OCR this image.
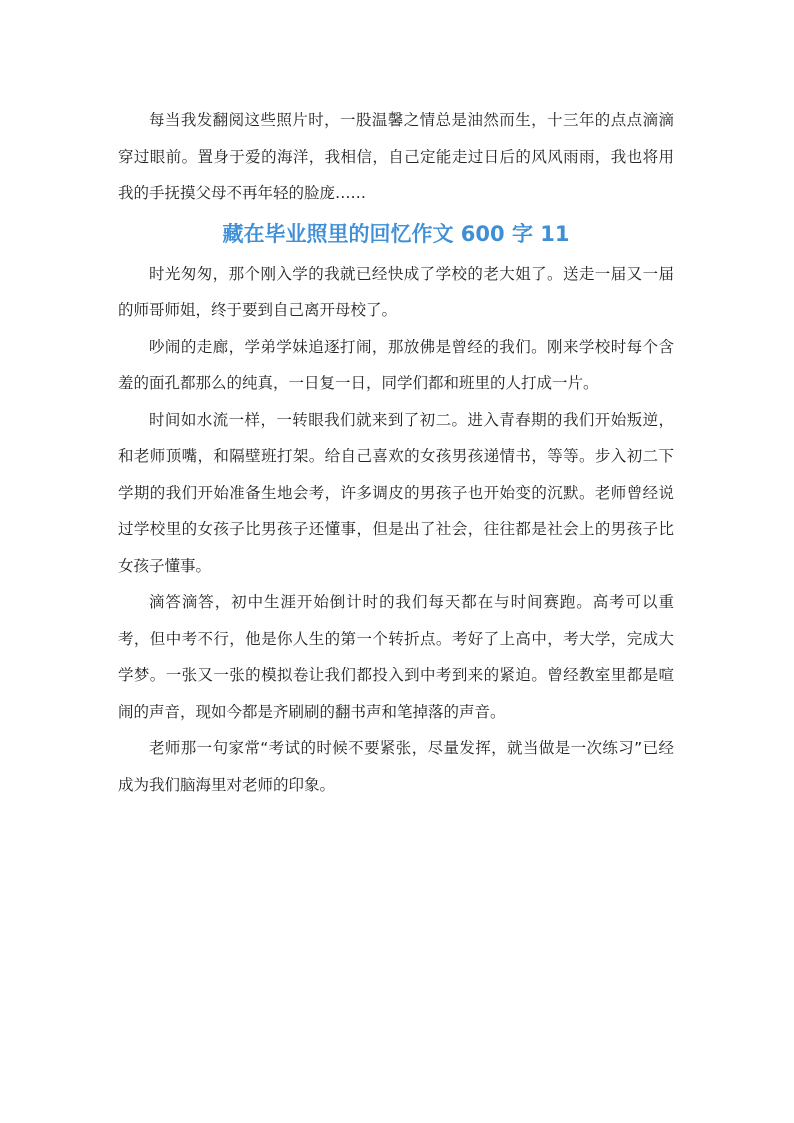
每当我发翻阅这些照片时，一股温馨之情总是油然而生，十三年的点点滴滴穿过眼前。置身于爱的海洋，我相信，自己定能走过日后的风风雨雨，我也将用我的手抚摸父母不再年轻的脸庞……

藏在毕业照里的回忆作文 600 字 11

时光匆匆，那个刚入学的我就已经快成了学校的老大姐了。送走一届又一届的师哥师姐，终于要到自己离开母校了。

吵闹的走廊，学弟学妹追逐打闹，那放佛是曾经的我们。刚来学校时每个含羞的面孔都那么的纯真，一日复一日，同学们都和班里的人打成一片。

时间如水流一样，一转眼我们就来到了初二。进入青春期的我们开始叛逆，和老师顶嘴，和隔壁班打架。给自己喜欢的女孩男孩递情书，等等。步入初二下学期的我们开始准备生地会考，许多调皮的男孩子也开始变的沉默。老师曾经说过学校里的女孩子比男孩子还懂事，但是出了社会，往往都是社会上的男孩子比女孩子懂事。

滴答滴答，初中生涯开始倒计时的我们每天都在与时间赛跑。高考可以重考，但中考不行，他是你人生的第一个转折点。考好了上高中，考大学，完成大学梦。一张又一张的模拟卷让我们都投入到中考到来的紧迫。曾经教室里都是喧闹的声音，现如今都是齐刷刷的翻书声和笔掉落的声音。

老师那一句家常“考试的时候不要紧张，尽量发挥，就当做是一次练习”已经成为我们脑海里对老师的印象。
